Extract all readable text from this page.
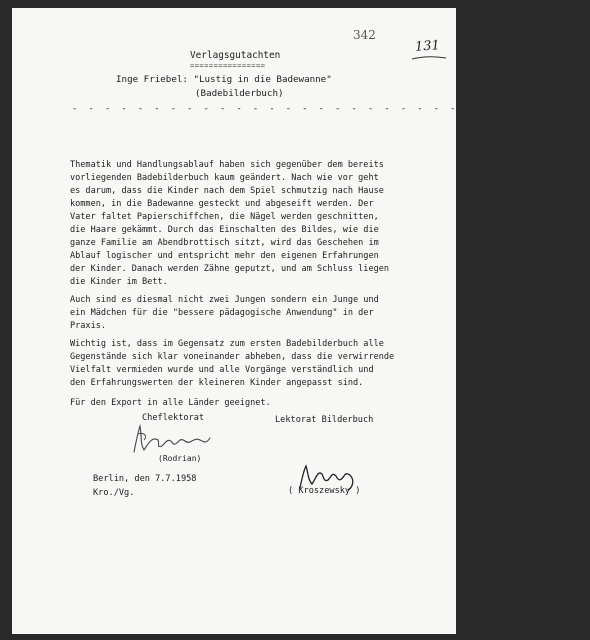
342
131
Verlagsgutachten
================
Inge Friebel: "Lustig in die Badewanne"
(Badebilderbuch)
- - - - - - - - - - - - - - - - - - - - - - - - - - - - - - - -
Thematik und Handlungsablauf haben sich gegenüber dem bereits
vorliegenden Badebilderbuch kaum geändert. Nach wie vor geht
es darum, dass die Kinder nach dem Spiel schmutzig nach Hause
kommen, in die Badewanne gesteckt und abgeseift werden. Der
Vater faltet Papierschiffchen, die Nägel werden geschnitten,
die Haare gekämmt. Durch das Einschalten des Bildes, wie die
ganze Familie am Abendbrottisch sitzt, wird das Geschehen im
Ablauf logischer und entspricht mehr den eigenen Erfahrungen
der Kinder. Danach werden Zähne geputzt, und am Schluss liegen
die Kinder im Bett.
Auch sind es diesmal nicht zwei Jungen sondern ein Junge und
ein Mädchen für die "bessere pädagogische Anwendung" in der
Praxis.
Wichtig ist, dass im Gegensatz zum ersten Badebilderbuch alle
Gegenstände sich klar voneinander abheben, dass die verwirrende
Vielfalt vermieden wurde und alle Vorgänge verständlich und
den Erfahrungswerten der kleineren Kinder angepasst sind.
Für den Export in alle Länder geeignet.
Cheflektorat	Lektorat Bilderbuch
(Rodrian)
( Kroszewsky )
Berlin, den 7.7.1958
Kro./Vg.
